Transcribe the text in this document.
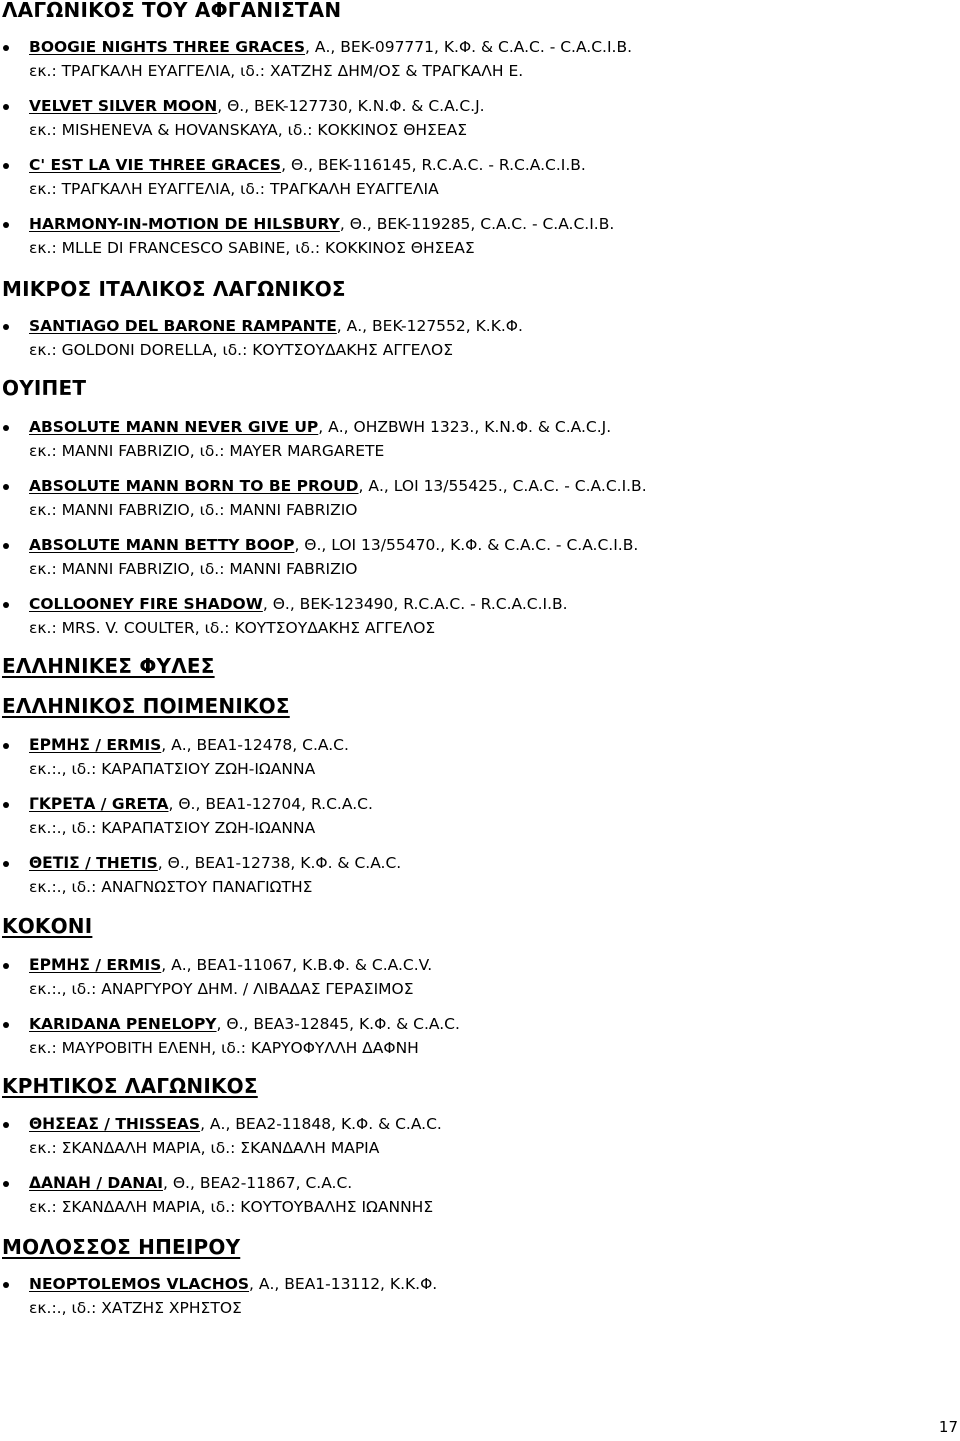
ΛΑΓΩΝΙΚΟΣ ΤΟΥ ΑΦΓΑΝΙΣΤΑΝ
BOOGIE NIGHTS THREE GRACES, Α., BEK-097771, Κ.Φ. & C.A.C. - C.A.C.I.B.
εκ.: ΤΡΑΓΚΑΛΗ ΕΥΑΓΓΕΛΙΑ, ιδ.: ΧΑΤΖΗΣ ΔΗΜ/ΟΣ & ΤΡΑΓΚΑΛΗ Ε.
VELVET SILVER MOON, Θ., BEK-127730, Κ.Ν.Φ. & C.A.C.J.
εκ.: MISHENEVA & HOVANSKAYA, ιδ.: ΚΟΚΚΙΝΟΣ ΘΗΣΕΑΣ
C' EST LA VIE THREE GRACES, Θ., BEK-116145, R.C.A.C. - R.C.A.C.I.B.
εκ.: ΤΡΑΓΚΑΛΗ ΕΥΑΓΓΕΛΙΑ, ιδ.: ΤΡΑΓΚΑΛΗ ΕΥΑΓΓΕΛΙΑ
HARMONY-IN-MOTION DE HILSBURY, Θ., BEK-119285, C.A.C. - C.A.C.I.B.
εκ.: MLLE DI FRANCESCO SABINE, ιδ.: ΚΟΚΚΙΝΟΣ ΘΗΣΕΑΣ
ΜΙΚΡΟΣ ΙΤΑΛΙΚΟΣ ΛΑΓΩΝΙΚΟΣ
SANTIAGO DEL BARONE RAMPANTE, Α., BEK-127552, Κ.Κ.Φ.
εκ.: GOLDONI DORELLA, ιδ.: ΚΟΥΤΣΟΥΔΑΚΗΣ ΑΓΓΕΛΟΣ
ΟΥΙΠΕΤ
ABSOLUTE MANN NEVER GIVE UP, Α., OHZBWH 1323., Κ.Ν.Φ. & C.A.C.J.
εκ.: MANNI FABRIZIO, ιδ.: MAYER MARGARETE
ABSOLUTE MANN BORN TO BE PROUD, Α., LOI 13/55425., C.A.C. - C.A.C.I.B.
εκ.: MANNI FABRIZIO, ιδ.: MANNI FABRIZIO
ABSOLUTE MANN BETTY BOOP, Θ., LOI 13/55470., Κ.Φ. & C.A.C. - C.A.C.I.B.
εκ.: MANNI FABRIZIO, ιδ.: MANNI FABRIZIO
COLLOONEY FIRE SHADOW, Θ., BEK-123490, R.C.A.C. - R.C.A.C.I.B.
εκ.: MRS. V. COULTER, ιδ.: ΚΟΥΤΣΟΥΔΑΚΗΣ ΑΓΓΕΛΟΣ
ΕΛΛΗΝΙΚΕΣ ΦΥΛΕΣ
ΕΛΛΗΝΙΚΟΣ ΠΟΙΜΕΝΙΚΟΣ
ΕΡΜΗΣ / ERMIS, Α., BEA1-12478, C.A.C.
εκ.:., ιδ.: ΚΑΡΑΠΑΤΣΙΟΥ ΖΩΗ-ΙΩΑΝΝΑ
ΓΚΡΕΤΑ / GRETA, Θ., BEA1-12704, R.C.A.C.
εκ.:., ιδ.: ΚΑΡΑΠΑΤΣΙΟΥ ΖΩΗ-ΙΩΑΝΝΑ
ΘΕΤΙΣ / THETIS, Θ., BEA1-12738, Κ.Φ. & C.A.C.
εκ.:., ιδ.: ΑΝΑΓΝΩΣΤΟΥ ΠΑΝΑΓΙΩΤΗΣ
ΚΟΚΟΝΙ
ΕΡΜΗΣ / ERMIS, Α., BEA1-11067, Κ.Β.Φ. & C.A.C.V.
εκ.:., ιδ.: ΑΝΑΡΓΥΡΟΥ ΔΗΜ. / ΛΙΒΑΔΑΣ ΓΕΡΑΣΙΜΟΣ
KARIDANA PENELOPY, Θ., BEA3-12845, Κ.Φ. & C.A.C.
εκ.: ΜΑΥΡΟΒΙΤΗ ΕΛΕΝΗ, ιδ.: ΚΑΡΥΟΦΥΛΛΗ ΔΑΦΝΗ
ΚΡΗΤΙΚΟΣ ΛΑΓΩΝΙΚΟΣ
ΘΗΣΕΑΣ / THISSEAS, Α., BEA2-11848, Κ.Φ. & C.A.C.
εκ.: ΣΚΑΝΔΑΛΗ ΜΑΡΙΑ, ιδ.: ΣΚΑΝΔΑΛΗ ΜΑΡΙΑ
ΔΑΝΑΗ / DANAI, Θ., BEA2-11867, C.A.C.
εκ.: ΣΚΑΝΔΑΛΗ ΜΑΡΙΑ, ιδ.: ΚΟΥΤΟΥΒΑΛΗΣ ΙΩΑΝΝΗΣ
ΜΟΛΟΣΣΟΣ ΗΠΕΙΡΟΥ
NEOPTOLEMOS VLACHOS, Α., BEA1-13112, Κ.Κ.Φ.
εκ.:., ιδ.: ΧΑΤΖΗΣ ΧΡΗΣΤΟΣ
17
